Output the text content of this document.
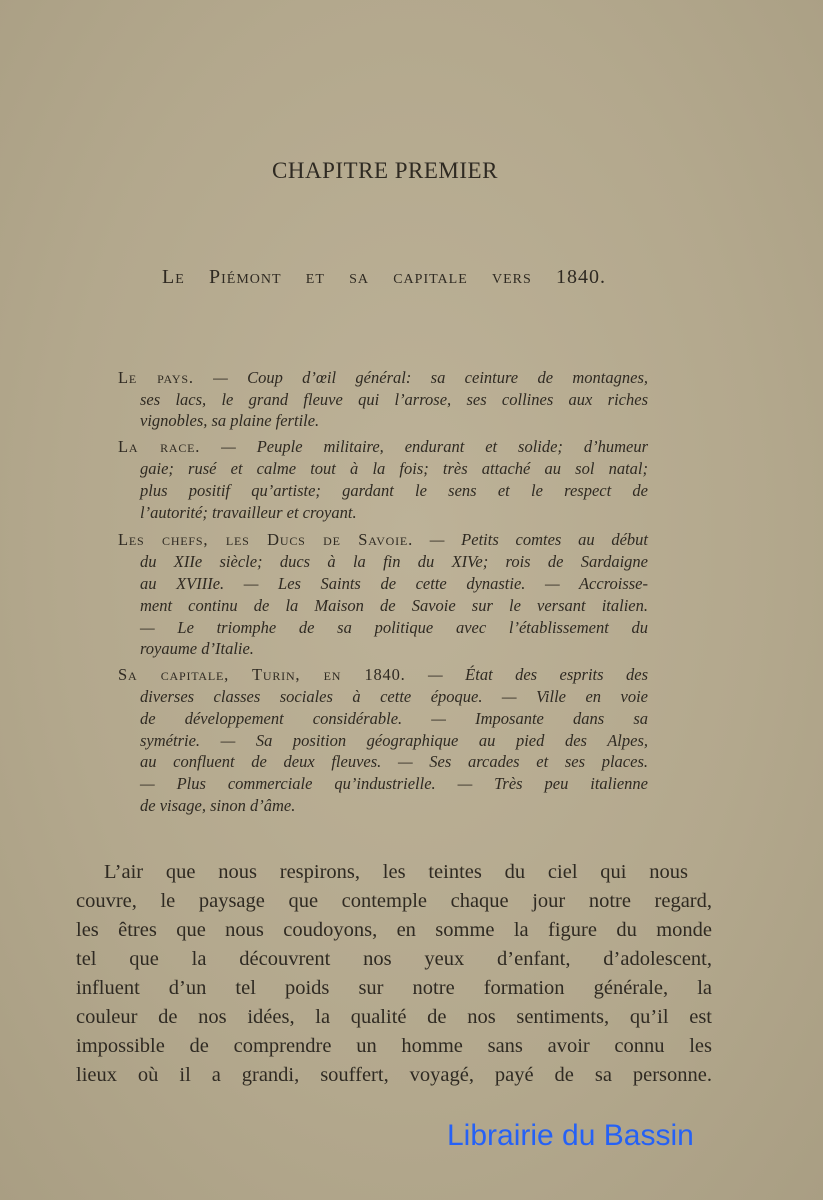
CHAPITRE PREMIER
Le Piémont et sa capitale vers 1840.
Le pays. — Coup d’œil général: sa ceinture de montagnes,
ses lacs, le grand fleuve qui l’arrose, ses collines aux riches
vignobles, sa plaine fertile.
La race. — Peuple militaire, endurant et solide; d’humeur
gaie; rusé et calme tout à la fois; très attaché au sol natal;
plus positif qu’artiste; gardant le sens et le respect de
l’autorité; travailleur et croyant.
Les chefs, les Ducs de Savoie. — Petits comtes au début
du XIIe siècle; ducs à la fin du XIVe; rois de Sardaigne
au XVIIIe. — Les Saints de cette dynastie. — Accroisse-
ment continu de la Maison de Savoie sur le versant italien.
— Le triomphe de sa politique avec l’établissement du
royaume d’Italie.
Sa capitale, Turin, en 1840. — État des esprits des
diverses classes sociales à cette époque. — Ville en voie
de développement considérable. — Imposante dans sa
symétrie. — Sa position géographique au pied des Alpes,
au confluent de deux fleuves. — Ses arcades et ses places.
— Plus commerciale qu’industrielle. — Très peu italienne
de visage, sinon d’âme.
L’air que nous respirons, les teintes du ciel qui nous
couvre, le paysage que contemple chaque jour notre regard,
les êtres que nous coudoyons, en somme la figure du monde
tel que la découvrent nos yeux d’enfant, d’adolescent,
influent d’un tel poids sur notre formation générale, la
couleur de nos idées, la qualité de nos sentiments, qu’il est
impossible de comprendre un homme sans avoir connu les
lieux où il a grandi, souffert, voyagé, payé de sa personne.
Librairie du Bassin
